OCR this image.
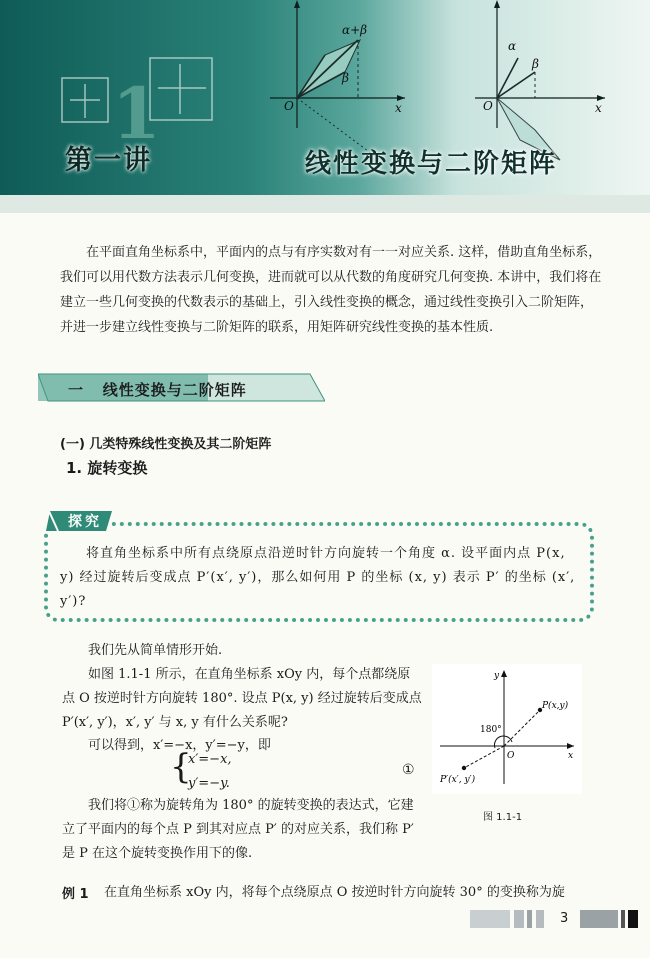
1
α+β
β
O	x
α
β
O	x
第一讲	线性变换与二阶矩阵
在平面直角坐标系中，平面内的点与有序实数对有一一对应关系. 这样，借助直角坐标系，我们可以用代数方法表示几何变换，进而就可以从代数的角度研究几何变换. 本讲中，我们将在建立一些几何变换的代数表示的基础上，引入线性变换的概念，通过线性变换引入二阶矩阵，并进一步建立线性变换与二阶矩阵的联系，用矩阵研究线性变换的基本性质.
一 线性变换与二阶矩阵
(一) 几类特殊线性变换及其二阶矩阵
1. 旋转变换
探究
将直角坐标系中所有点绕原点沿逆时针方向旋转一个角度 α. 设平面内点 P(x, y) 经过旋转后变成点 P′(x′, y′)，那么如何用 P 的坐标 (x, y) 表示 P′ 的坐标 (x′, y′)?
我们先从简单情形开始.
如图 1.1-1 所示，在直角坐标系 xOy 内，每个点都绕原点 O 按逆时针方向旋转 180°. 设点 P(x, y) 经过旋转后变成点 P′(x′, y′)，x′, y′ 与 x, y 有什么关系呢?
可以得到，x′=−x，y′=−y，即
{
x′=−x,
y′=−y.
①
我们将①称为旋转角为 180° 的旋转变换的表达式，它建立了平面内的每个点 P 到其对应点 P′ 的对应关系，我们称 P′ 是 P 在这个旋转变换作用下的像.
P(x,y)
P′(x′, y′)
180°
O	x
y
图 1.1-1
例 1 在直角坐标系 xOy 内，将每个点绕原点 O 按逆时针方向旋转 30° 的变换称为旋
3
